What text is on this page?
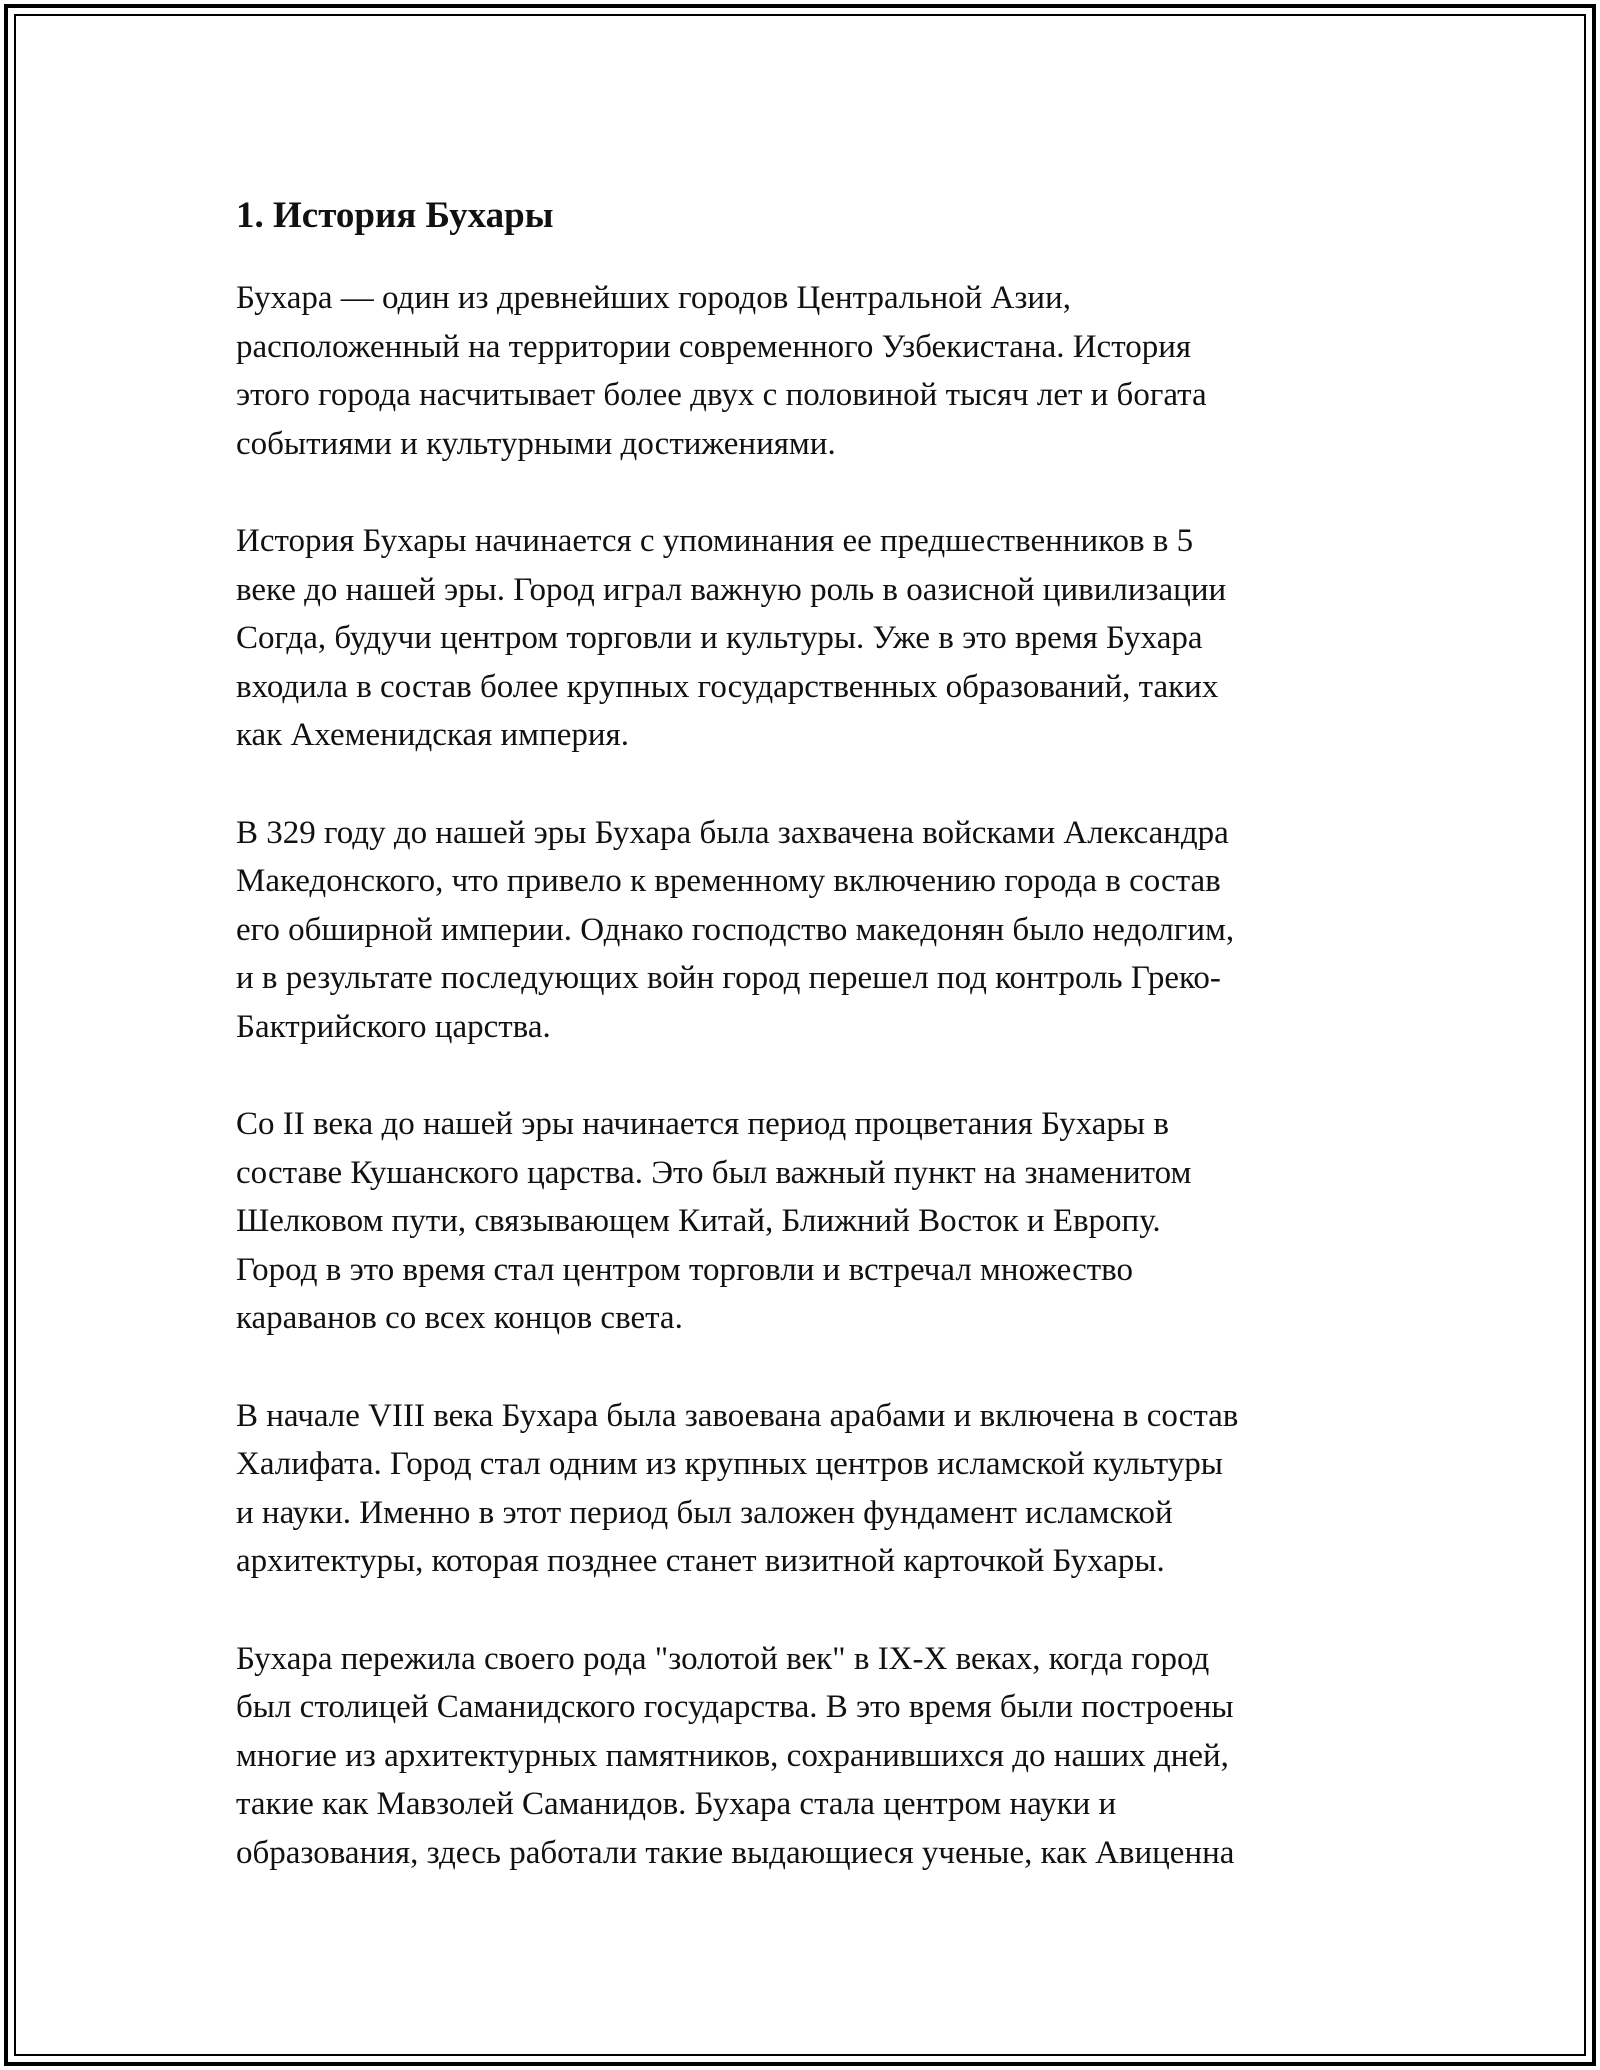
1. История Бухары

Бухара — один из древнейших городов Центральной Азии,
расположенный на территории современного Узбекистана. История
этого города насчитывает более двух с половиной тысяч лет и богата
событиями и культурными достижениями.

История Бухары начинается с упоминания ее предшественников в 5
веке до нашей эры. Город играл важную роль в оазисной цивилизации
Согда, будучи центром торговли и культуры. Уже в это время Бухара
входила в состав более крупных государственных образований, таких
как Ахеменидская империя.

В 329 году до нашей эры Бухара была захвачена войсками Александра
Македонского, что привело к временному включению города в состав
его обширной империи. Однако господство македонян было недолгим,
и в результате последующих войн город перешел под контроль Греко-
Бактрийского царства.

Со II века до нашей эры начинается период процветания Бухары в
составе Кушанского царства. Это был важный пункт на знаменитом
Шелковом пути, связывающем Китай, Ближний Восток и Европу.
Город в это время стал центром торговли и встречал множество
караванов со всех концов света.

В начале VIII века Бухара была завоевана арабами и включена в состав
Халифата. Город стал одним из крупных центров исламской культуры
и науки. Именно в этот период был заложен фундамент исламской
архитектуры, которая позднее станет визитной карточкой Бухары.

Бухара пережила своего рода "золотой век" в IX-X веках, когда город
был столицей Саманидского государства. В это время были построены
многие из архитектурных памятников, сохранившихся до наших дней,
такие как Мавзолей Саманидов. Бухара стала центром науки и
образования, здесь работали такие выдающиеся ученые, как Авиценна
